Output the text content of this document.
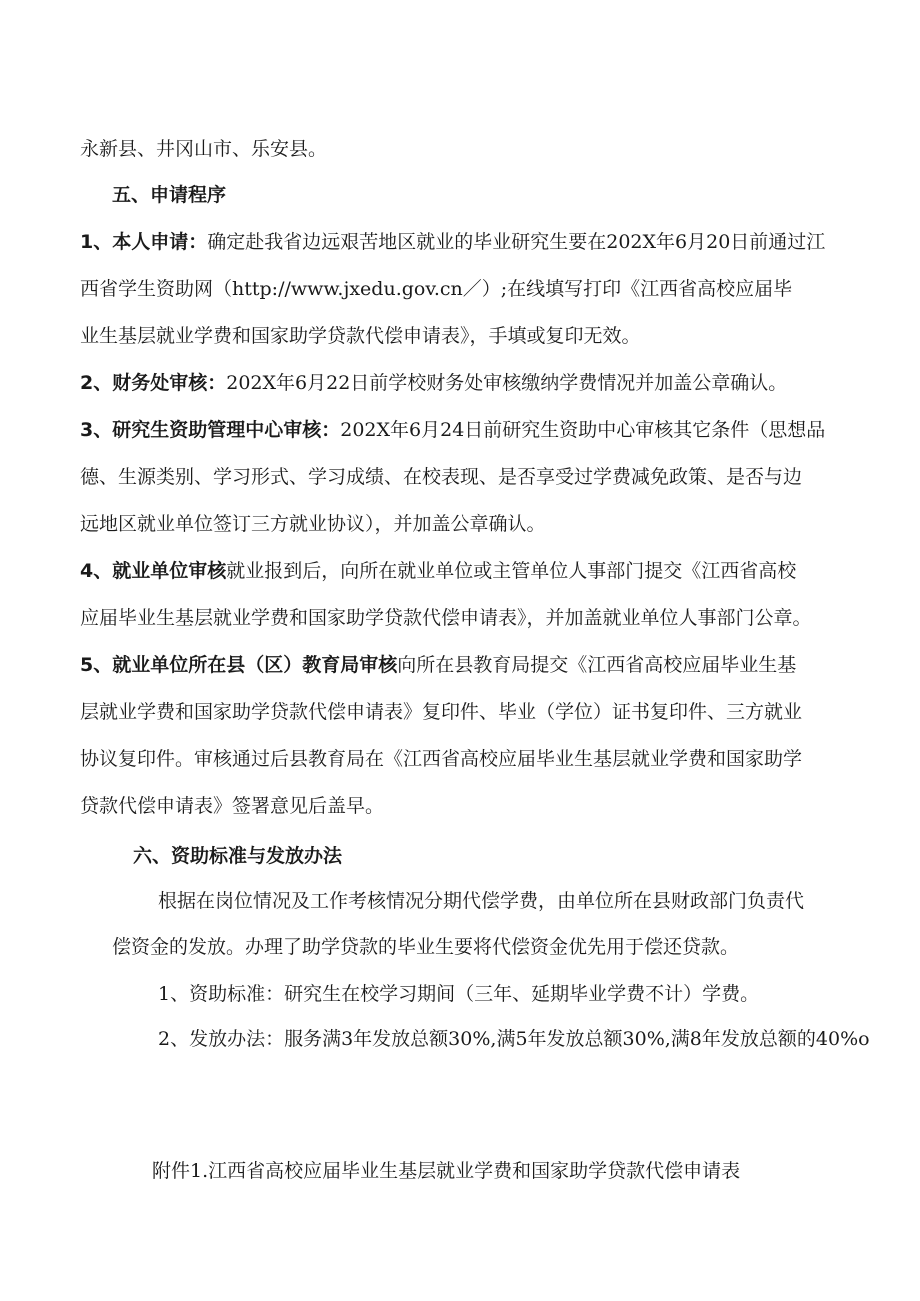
永新县、井冈山市、乐安县。
五、申请程序
1、本人申请：确定赴我省边远艰苦地区就业的毕业研究生要在202X年6月20日前通过江
西省学生资助网（http://www.jxedu.gov.cn／）;在线填写打印《江西省高校应届毕
业生基层就业学费和国家助学贷款代偿申请表》，手填或复印无效。
2、财务处审核：202X年6月22日前学校财务处审核缴纳学费情况并加盖公章确认。
3、研究生资助管理中心审核：202X年6月24日前研究生资助中心审核其它条件（思想品
德、生源类别、学习形式、学习成绩、在校表现、是否享受过学费减免政策、是否与边
远地区就业单位签订三方就业协议），并加盖公章确认。
4、就业单位审核就业报到后，向所在就业单位或主管单位人事部门提交《江西省高校
应届毕业生基层就业学费和国家助学贷款代偿申请表》，并加盖就业单位人事部门公章。
5、就业单位所在县（区）教育局审核向所在县教育局提交《江西省高校应届毕业生基
层就业学费和国家助学贷款代偿申请表》复印件、毕业（学位）证书复印件、三方就业
协议复印件。审核通过后县教育局在《江西省高校应届毕业生基层就业学费和国家助学
贷款代偿申请表》签署意见后盖早。
六、资助标准与发放办法
根据在岗位情况及工作考核情况分期代偿学费，由单位所在县财政部门负责代
偿资金的发放。办理了助学贷款的毕业生要将代偿资金优先用于偿还贷款。
1、资助标准：研究生在校学习期间（三年、延期毕业学费不计）学费。
2、发放办法：服务满3年发放总额30%,满5年发放总额30%,满8年发放总额的40%o
附件1.江西省高校应届毕业生基层就业学费和国家助学贷款代偿申请表
